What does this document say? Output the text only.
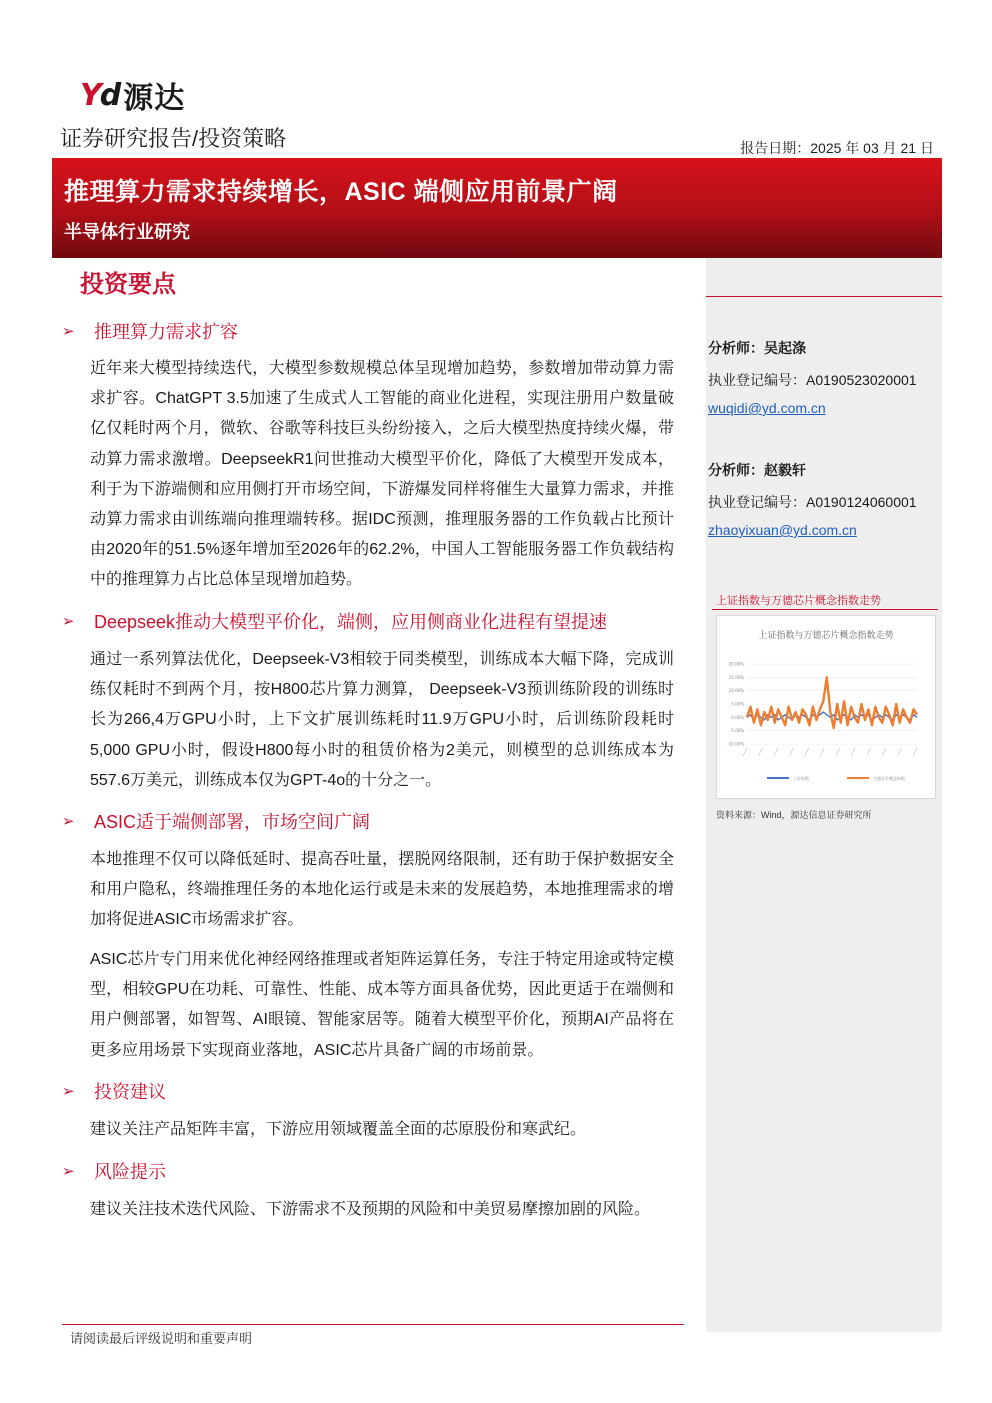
Yd 源达
证券研究报告/投资策略	报告日期：2025 年 03 月 21 日
推理算力需求持续增长，ASIC 端侧应用前景广阔
半导体行业研究
分析师：吴起涤
执业登记编号：A0190523020001
wuqidi@yd.com.cn
分析师：赵毅轩
执业登记编号：A0190124060001
zhaoyixuan@yd.com.cn
上证指数与万德芯片概念指数走势
上证指数与万德芯片概念指数走势
20.00%
15.00%
10.00%
5.00%
0.00%
-5.00%
-10.00%
上证指数	万德芯片概念指数
资料来源：Wind，源达信息证券研究所
投资要点
➢	推理算力需求扩容
近年来大模型持续迭代，大模型参数规模总体呈现增加趋势，参数增加带动算力需求扩容。ChatGPT 3.5加速了生成式人工智能的商业化进程，实现注册用户数量破亿仅耗时两个月，微软、谷歌等科技巨头纷纷接入，之后大模型热度持续火爆，带动算力需求激增。DeepseekR1问世推动大模型平价化，降低了大模型开发成本，利于为下游端侧和应用侧打开市场空间，下游爆发同样将催生大量算力需求，并推动算力需求由训练端向推理端转移。据IDC预测，推理服务器的工作负载占比预计由2020年的51.5%逐年增加至2026年的62.2%，中国人工智能服务器工作负载结构中的推理算力占比总体呈现增加趋势。
➢	Deepseek推动大模型平价化，端侧，应用侧商业化进程有望提速
通过一系列算法优化，Deepseek-V3相较于同类模型，训练成本大幅下降，完成训练仅耗时不到两个月，按H800芯片算力测算， Deepseek-V3预训练阶段的训练时长为266,4万GPU小时，上下文扩展训练耗时11.9万GPU小时，后训练阶段耗时5,000 GPU小时，假设H800每小时的租赁价格为2美元，则模型的总训练成本为557.6万美元，训练成本仅为GPT-4o的十分之一。
➢	ASIC适于端侧部署，市场空间广阔
本地推理不仅可以降低延时、提高吞吐量，摆脱网络限制，还有助于保护数据安全和用户隐私，终端推理任务的本地化运行或是未来的发展趋势，本地推理需求的增加将促进ASIC市场需求扩容。
ASIC芯片专门用来优化神经网络推理或者矩阵运算任务，专注于特定用途或特定模型，相较GPU在功耗、可靠性、性能、成本等方面具备优势，因此更适于在端侧和用户侧部署，如智驾、AI眼镜、智能家居等。随着大模型平价化，预期AI产品将在更多应用场景下实现商业落地，ASIC芯片具备广阔的市场前景。
➢	投资建议
建议关注产品矩阵丰富，下游应用领域覆盖全面的芯原股份和寒武纪。
➢	风险提示
建议关注技术迭代风险、下游需求不及预期的风险和中美贸易摩擦加剧的风险。
请阅读最后评级说明和重要声明
